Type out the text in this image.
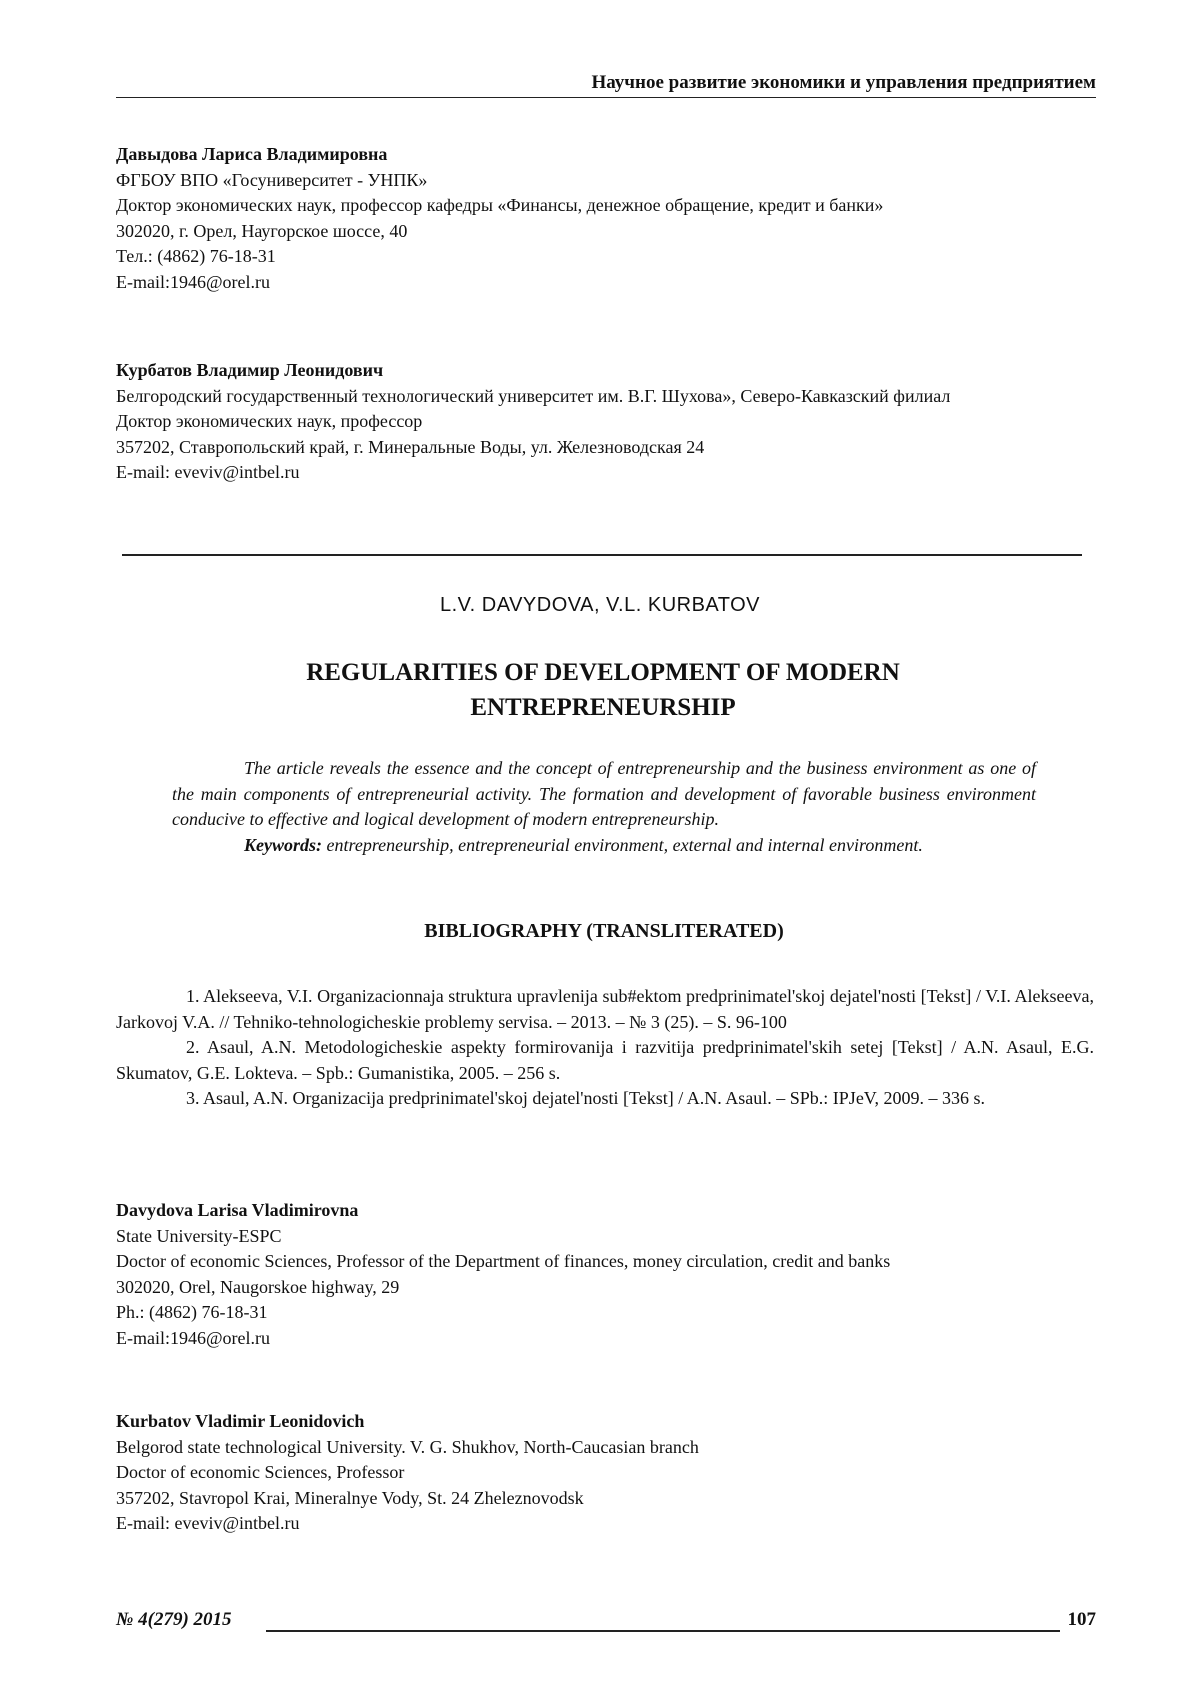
Научное развитие экономики и управления предприятием
Давыдова Лариса Владимировна
ФГБОУ ВПО «Госуниверситет - УНПК»
Доктор экономических наук, профессор кафедры «Финансы, денежное обращение, кредит и банки»
302020, г. Орел, Наугорское шоссе, 40
Тел.: (4862) 76-18-31
E-mail:1946@orel.ru
Курбатов Владимир Леонидович
Белгородский государственный технологический университет им. В.Г. Шухова», Северо-Кавказский филиал
Доктор экономических наук, профессор
357202, Ставропольский край, г. Минеральные Воды, ул. Железноводская 24
E-mail: eveviv@intbel.ru
L.V. DAVYDOVA, V.L. KURBATOV
REGULARITIES OF DEVELOPMENT OF MODERN
ENTREPRENEURSHIP

The article reveals the essence and the concept of entrepreneurship and the business environment as one of the main components of entrepreneurial activity. The formation and development of favorable business environment conducive to effective and logical development of modern entrepreneurship.

Keywords: entrepreneurship, entrepreneurial environment, external and internal environment.

BIBLIOGRAPHY (TRANSLITERATED)

1. Alekseeva, V.I. Organizacionnaja struktura upravlenija sub#ektom predprinimatel'skoj dejatel'nosti [Tekst] / V.I. Alekseeva, Jarkovoj V.A. // Tehniko-tehnologicheskie problemy servisa. – 2013. – № 3 (25). – S. 96-100

2. Asaul, A.N. Metodologicheskie aspekty formirovanija i razvitija predprinimatel'skih setej [Tekst] / A.N. Asaul, E.G. Skumatov, G.E. Lokteva. – Spb.: Gumanistika, 2005. – 256 s.

3. Asaul, A.N. Organizacija predprinimatel'skoj dejatel'nosti [Tekst] / A.N. Asaul. – SPb.: IPJeV, 2009. – 336 s.

Davydova Larisa Vladimirovna
State University-ESPC
Doctor of economic Sciences, Professor of the Department of finances, money circulation, credit and banks
302020, Orel, Naugorskoe highway, 29
Ph.: (4862) 76-18-31
E-mail:1946@orel.ru
Kurbatov Vladimir Leonidovich
Belgorod state technological University. V. G. Shukhov, North-Caucasian branch
Doctor of economic Sciences, Professor
357202, Stavropol Krai, Mineralnye Vody, St. 24 Zheleznovodsk
E-mail: eveviv@intbel.ru
№ 4(279) 2015	107
